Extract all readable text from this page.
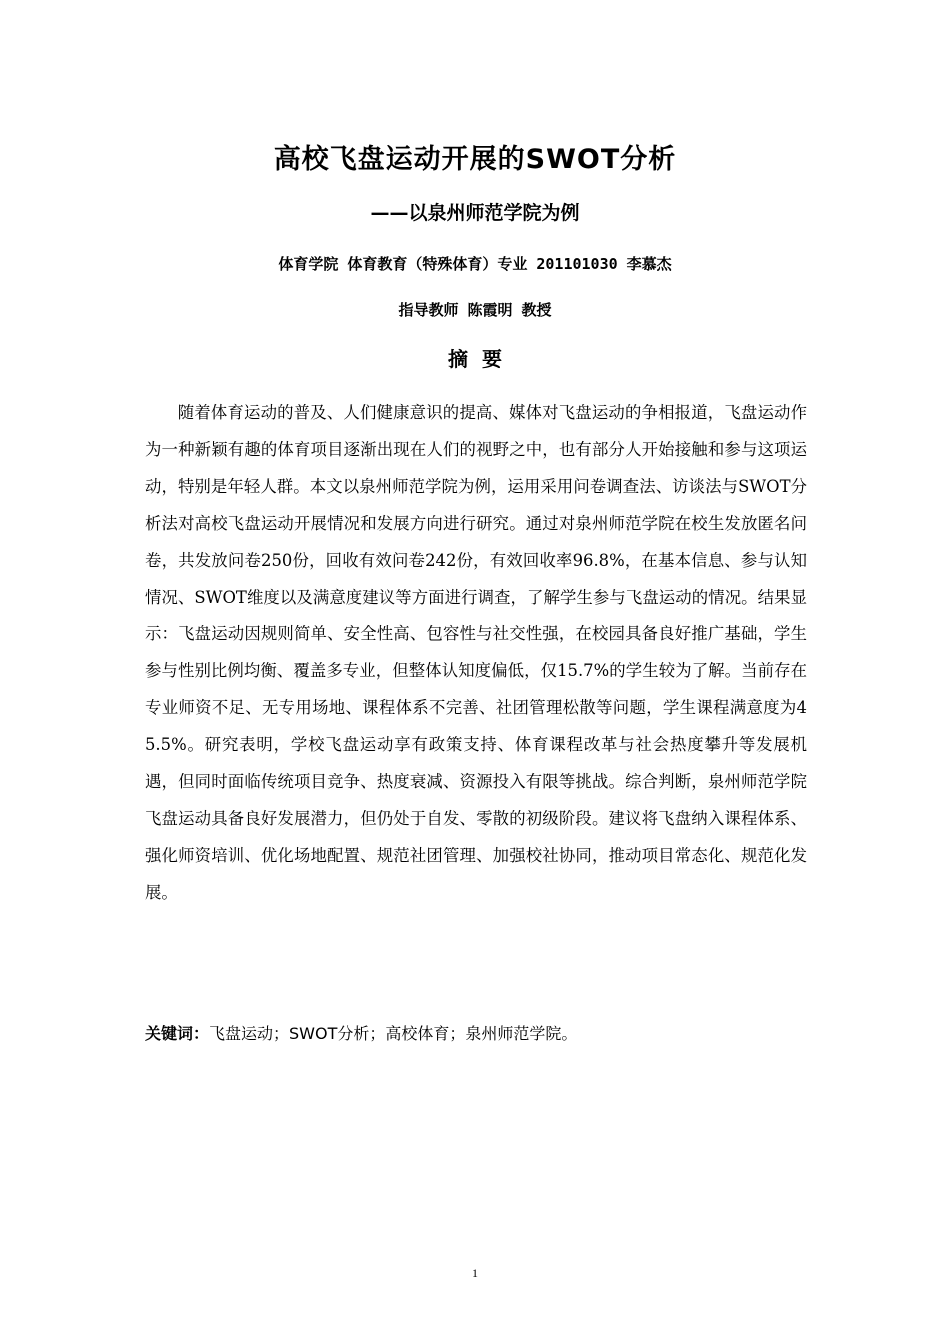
高校飞盘运动开展的SWOT分析
——以泉州师范学院为例
体育学院 体育教育（特殊体育）专业 201101030 李慕杰
指导教师 陈霞明 教授
摘要
随着体育运动的普及、人们健康意识的提高、媒体对飞盘运动的争相报道，飞盘运动作为一种新颖有趣的体育项目逐渐出现在人们的视野之中，也有部分人开始接触和参与这项运动，特别是年轻人群。本文以泉州师范学院为例，运用采用问卷调查法、访谈法与SWOT分析法对高校飞盘运动开展情况和发展方向进行研究。通过对泉州师范学院在校生发放匿名问卷，共发放问卷250份，回收有效问卷242份，有效回收率96.8%，在基本信息、参与认知情况、SWOT维度以及满意度建议等方面进行调查，了解学生参与飞盘运动的情况。结果显示：飞盘运动因规则简单、安全性高、包容性与社交性强，在校园具备良好推广基础，学生参与性别比例均衡、覆盖多专业，但整体认知度偏低，仅15.7%的学生较为了解。当前存在专业师资不足、无专用场地、课程体系不完善、社团管理松散等问题，学生课程满意度为45.5%。研究表明，学校飞盘运动享有政策支持、体育课程改革与社会热度攀升等发展机遇，但同时面临传统项目竞争、热度衰减、资源投入有限等挑战。综合判断，泉州师范学院飞盘运动具备良好发展潜力，但仍处于自发、零散的初级阶段。建议将飞盘纳入课程体系、强化师资培训、优化场地配置、规范社团管理、加强校社协同，推动项目常态化、规范化发展。
关键词：飞盘运动；SWOT分析；高校体育；泉州师范学院。
1
